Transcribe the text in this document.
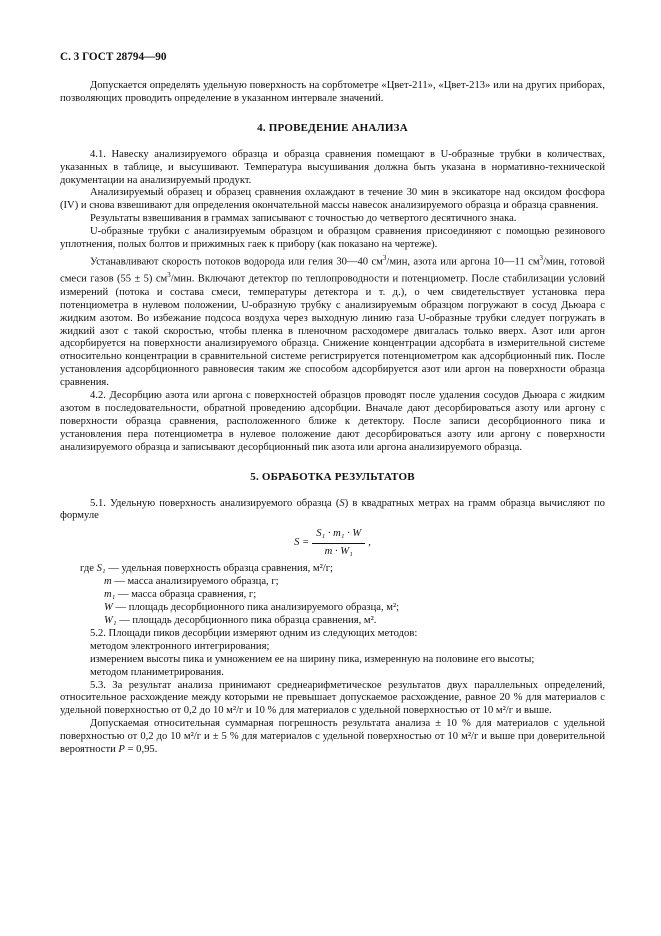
С. 3 ГОСТ 28794—90

Допускается определять удельную поверхность на сорбтометре «Цвет-211», «Цвет-213» или на других приборах, позволяющих проводить определение в указанном интервале значений.

4. ПРОВЕДЕНИЕ АНАЛИЗА

4.1. Навеску анализируемого образца и образца сравнения помещают в U-образные трубки в количествах, указанных в таблице, и высушивают. Температура высушивания должна быть указана в нормативно-технической документации на анализируемый продукт.

Анализируемый образец и образец сравнения охлаждают в течение 30 мин в эксикаторе над оксидом фосфора (IV) и снова взвешивают для определения окончательной массы навесок анализируемого образца и образца сравнения.

Результаты взвешивания в граммах записывают с точностью до четвертого десятичного знака.

U-образные трубки с анализируемым образцом и образцом сравнения присоединяют с помощью резинового уплотнения, полых болтов и прижимных гаек к прибору (как показано на чертеже).

Устанавливают скорость потоков водорода или гелия 30—40 $см^3$/мин, азота или аргона 10—11 $см^3$/мин, готовой смеси газов (55 ± 5) $см^3$/мин. Включают детектор по теплопроводности и потенциометр. После стабилизации условий измерений (потока и состава смеси, температуры детектора и т. д.), о чем свидетельствует установка пера потенциометра в нулевом положении, U-образную трубку с анализируемым образцом погружают в сосуд Дьюара с жидким азотом. Во избежание подсоса воздуха через выходную линию газа U-образные трубки следует погружать в жидкий азот с такой скоростью, чтобы пленка в пленочном расходомере двигалась только вверх. Азот или аргон адсорбируется на поверхности анализируемого образца. Снижение концентрации адсорбата в измерительной системе относительно концентрации в сравнительной системе регистрируется потенциометром как адсорбционный пик. После установления адсорбционного равновесия таким же способом адсорбируется азот или аргон на поверхности образца сравнения.

4.2. Десорбцию азота или аргона с поверхностей образцов проводят после удаления сосудов Дьюара с жидким азотом в последовательности, обратной проведению адсорбции. Вначале дают десорбироваться азоту или аргону с поверхности образца сравнения, расположенного ближе к детектору. После записи десорбционного пика и установления пера потенциометра в нулевое положение дают десорбироваться азоту или аргону с поверхности анализируемого образца и записывают десорбционный пик азота или аргона анализируемого образца.

5. ОБРАБОТКА РЕЗУЛЬТАТОВ

5.1. Удельную поверхность анализируемого образца (S) в квадратных метрах на грамм образца вычисляют по формуле

$S = \frac{\text{S₁ · m₁ · W}}{\text{m · W₁}}$ ,
где S₁ — удельная поверхность образца сравнения, м²/г;
m — масса анализируемого образца, г;
m₁ — масса образца сравнения, г;
W — площадь десорбционного пика анализируемого образца, м²;
W₁ — площадь десорбционного пика образца сравнения, м².

5.2. Площади пиков десорбции измеряют одним из следующих методов:

методом электронного интегрирования;

измерением высоты пика и умножением ее на ширину пика, измеренную на половине его высоты;

методом планиметрирования.

5.3. За результат анализа принимают среднеарифметическое результатов двух параллельных определений, относительное расхождение между которыми не превышает допускаемое расхождение, равное 20 % для материалов с удельной поверхностью от 0,2 до 10 м²/г и 10 % для материалов с удельной поверхностью от 10 м²/г и выше.

Допускаемая относительная суммарная погрешность результата анализа ± 10 % для материалов с удельной поверхностью от 0,2 до 10 м²/г и ± 5 % для материалов с удельной поверхностью от 10 м²/г и выше при доверительной вероятности P = 0,95.
